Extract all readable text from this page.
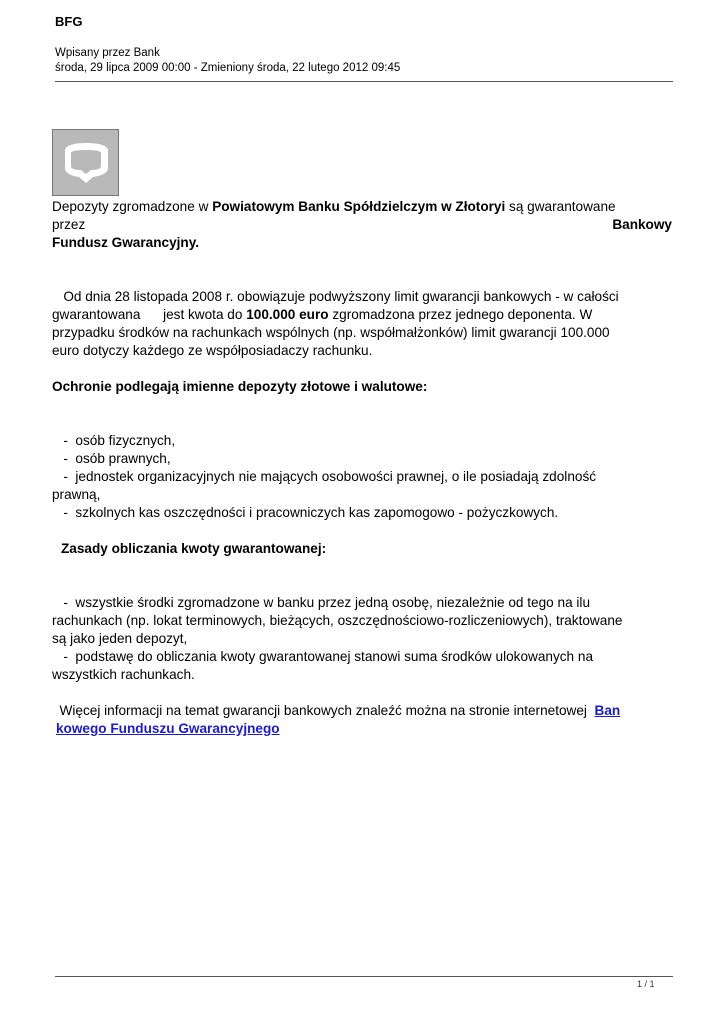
BFG
Wpisany przez Bank
środa, 29 lipca 2009 00:00 - Zmieniony środa, 22 lutego 2012 09:45

Depozyty zgromadzone w Powiatowym Banku Spółdzielczym w Złotoryi są gwarantowane
przez	Bankowy

Fundusz Gwarancyjny.

Od dnia 28 listopada 2008 r. obowiązuje podwyższony limit gwarancji bankowych - w całości
gwarantowana      jest kwota do 100.000 euro zgromadzona przez jednego deponenta. W
przypadku środków na rachunkach wspólnych (np. współmałżonków) limit gwarancji 100.000
euro dotyczy każdego ze współposiadaczy rachunku.

Ochronie podlegają imienne depozyty złotowe i walutowe:

-  osób fizycznych,
-  osób prawnych,
-  jednostek organizacyjnych nie mających osobowości prawnej, o ile posiadają zdolność
prawną,
-  szkolnych kas oszczędności i pracowniczych kas zapomogowo - pożyczkowych.

Zasady obliczania kwoty gwarantowanej:

-  wszystkie środki zgromadzone w banku przez jedną osobę, niezależnie od tego na ilu
rachunkach (np. lokat terminowych, bieżących, oszczędnościowo-rozliczeniowych), traktowane
są jako jeden depozyt,
-  podstawę do obliczania kwoty gwarantowanej stanowi suma środków ulokowanych na
wszystkich rachunkach.

Więcej informacji na temat gwarancji bankowych znaleźć można na stronie internetowej  Ban
kowego Funduszu Gwarancyjnego

1 / 1
